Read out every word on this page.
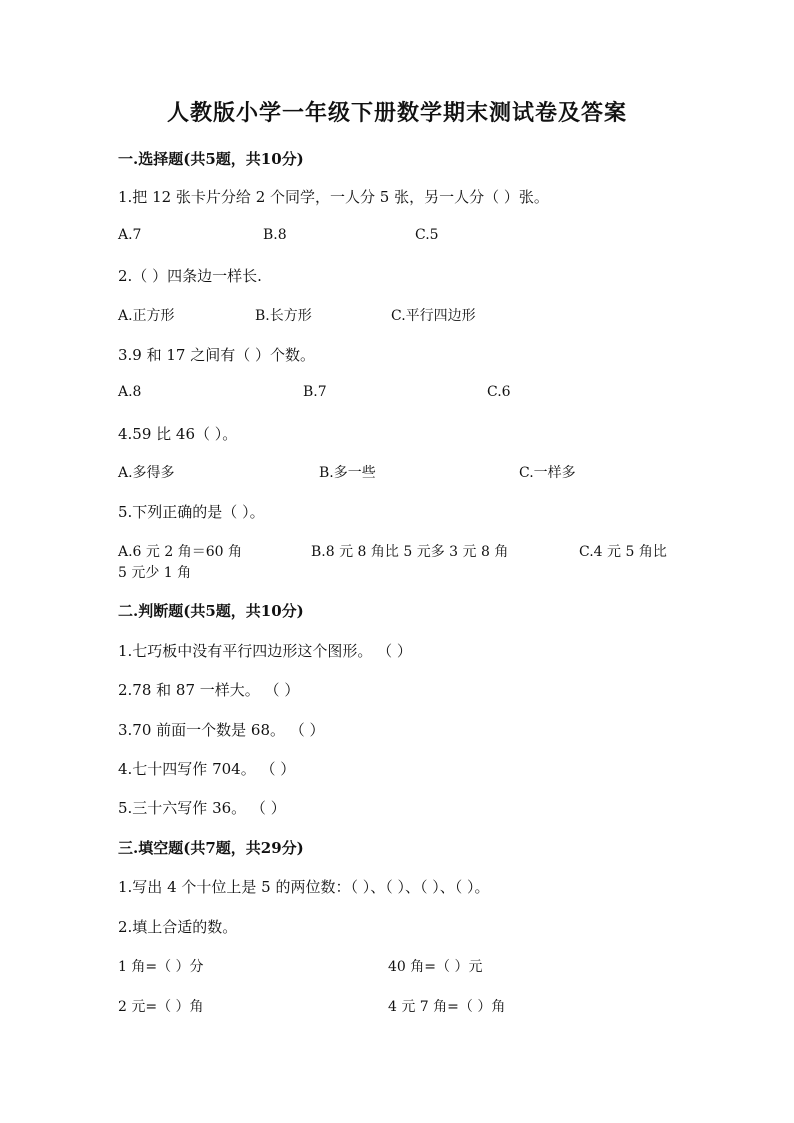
人教版小学一年级下册数学期末测试卷及答案
一.选择题(共5题，共10分)
1.把 12 张卡片分给 2 个同学，一人分 5 张，另一人分（ ）张。
A.7	B.8	C.5
2.（ ）四条边一样长.
A.正方形	B.长方形	C.平行四边形
3.9 和 17 之间有（ ）个数。
A.8	B.7	C.6
4.59 比 46（ ）。
A.多得多	B.多一些	C.一样多
5.下列正确的是（ ）。
A.6 元 2 角＝60 角	B.8 元 8 角比 5 元多 3 元 8 角	C.4 元 5 角比
5 元少 1 角
二.判断题(共5题，共10分)
1.七巧板中没有平行四边形这个图形。 （ ）
2.78 和 87 一样大。 （ ）
3.70 前面一个数是 68。 （ ）
4.七十四写作 704。 （ ）
5.三十六写作 36。 （ ）
三.填空题(共7题，共29分)
1.写出 4 个十位上是 5 的两位数：（ ）、（ ）、（ ）、（ ）。
2.填上合适的数。
1 角=（ ）分	40 角=（ ）元
2 元=（ ）角	4 元 7 角=（ ）角
